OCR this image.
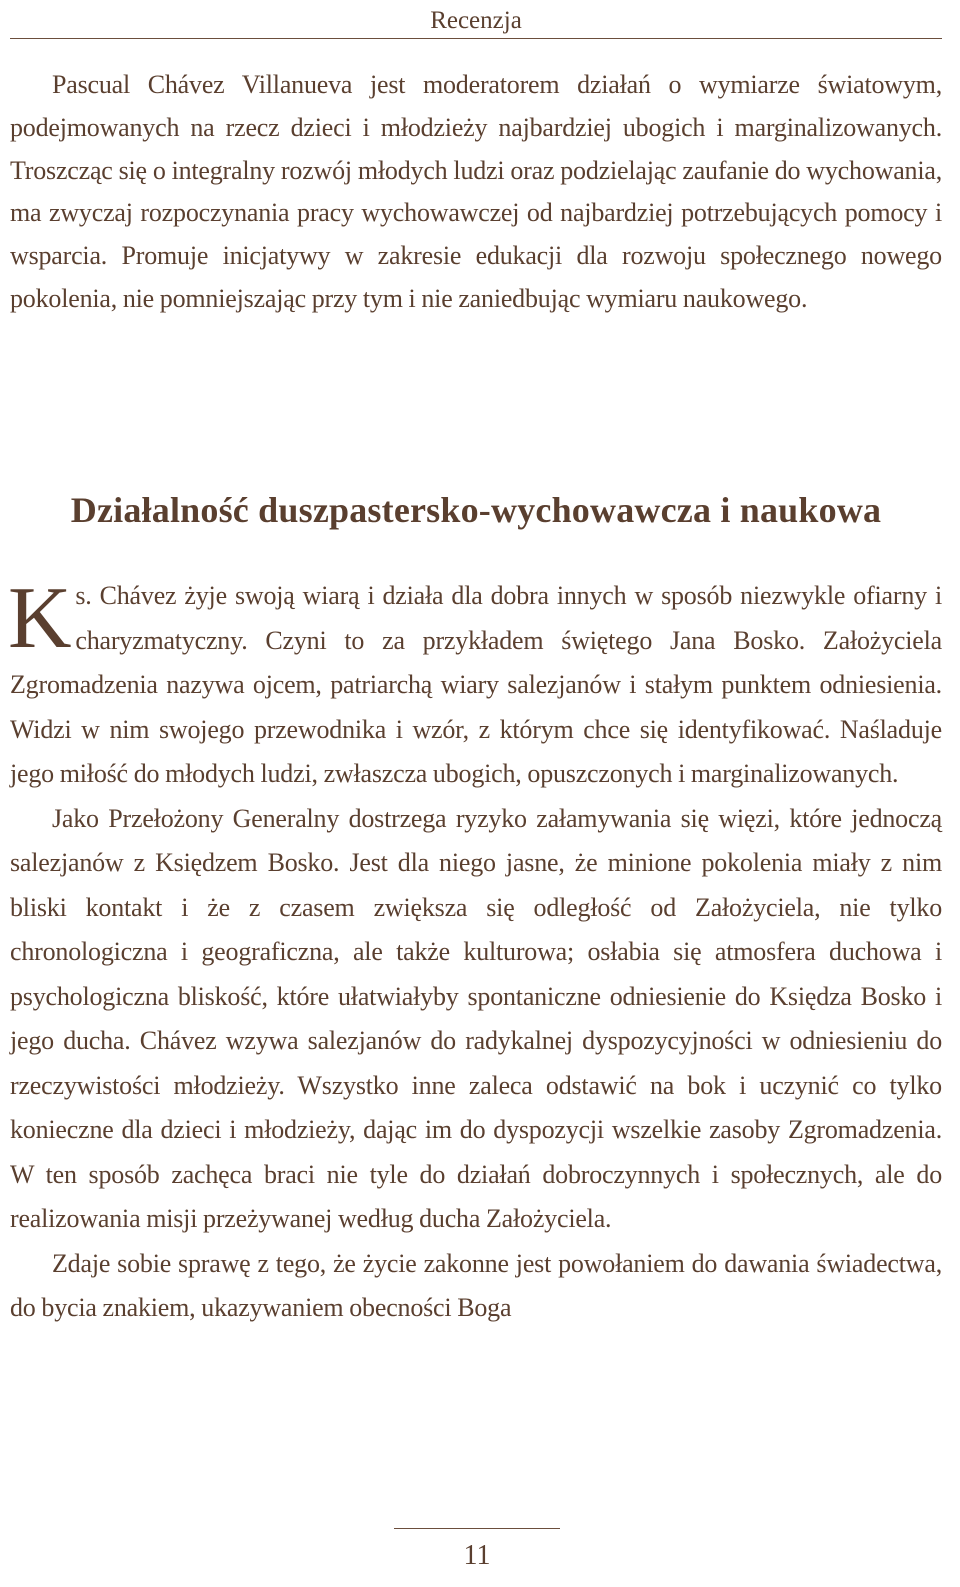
Recenzja

Pascual Chávez Villanueva jest moderatorem działań o wymiarze światowym, podejmowanych na rzecz dzieci i młodzieży najbardziej ubogich i marginalizowanych. Troszcząc się o integralny rozwój młodych ludzi oraz podzielając zaufanie do wychowania, ma zwyczaj rozpoczynania pracy wychowawczej od najbardziej potrzebujących pomocy i wsparcia. Promuje inicjatywy w zakresie edukacji dla rozwoju społecznego nowego pokolenia, nie pomniejszając przy tym i nie zaniedbując wymiaru naukowego.

Działalność duszpastersko-wychowawcza i naukowa

Ks. Chávez żyje swoją wiarą i działa dla dobra innych w sposób niezwykle ofiarny i charyzmatyczny. Czyni to za przykładem świętego Jana Bosko. Założyciela Zgromadzenia nazywa ojcem, patriarchą wiary salezjanów i stałym punktem odniesienia. Widzi w nim swojego przewodnika i wzór, z którym chce się identyfikować. Naśladuje jego miłość do młodych ludzi, zwłaszcza ubogich, opuszczonych i marginalizowanych.

Jako Przełożony Generalny dostrzega ryzyko załamywania się więzi, które jednoczą salezjanów z Księdzem Bosko. Jest dla niego jasne, że minione pokolenia miały z nim bliski kontakt i że z czasem zwiększa się odległość od Założyciela, nie tylko chronologiczna i geograficzna, ale także kulturowa; osłabia się atmosfera duchowa i psychologiczna bliskość, które ułatwiałyby spontaniczne odniesienie do Księdza Bosko i jego ducha. Chávez wzywa salezjanów do radykalnej dyspozycyjności w odniesieniu do rzeczywistości młodzieży. Wszystko inne zaleca odstawić na bok i uczynić co tylko konieczne dla dzieci i młodzieży, dając im do dyspozycji wszelkie zasoby Zgromadzenia. W ten sposób zachęca braci nie tyle do działań dobroczynnych i społecznych, ale do realizowania misji przeżywanej według ducha Założyciela.

Zdaje sobie sprawę z tego, że życie zakonne jest powołaniem do dawania świadectwa, do bycia znakiem, ukazywaniem obecności Boga

11
